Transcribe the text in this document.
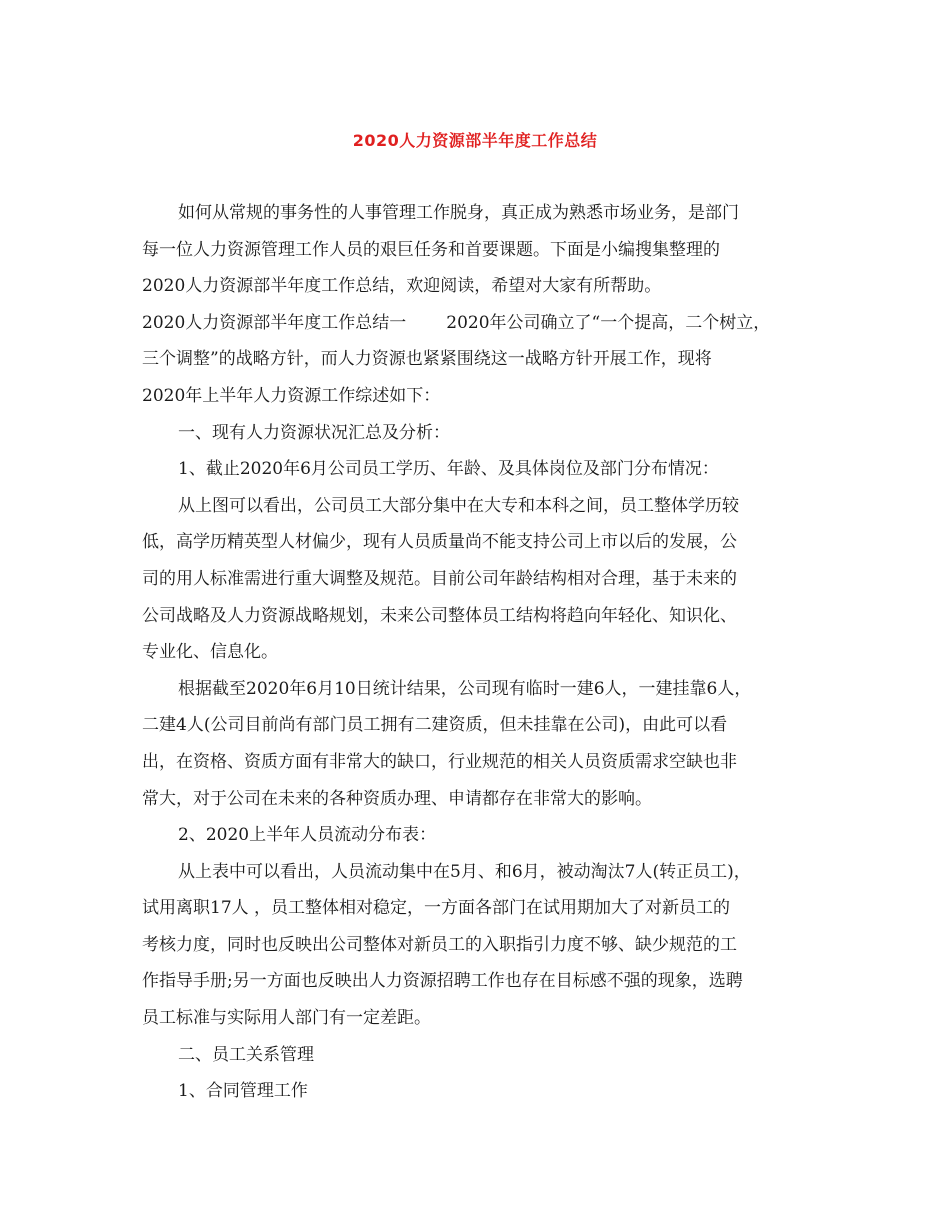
2020人力资源部半年度工作总结
如何从常规的事务性的人事管理工作脱身，真正成为熟悉市场业务，是部门
每一位人力资源管理工作人员的艰巨任务和首要课题。下面是小编搜集整理的
2020人力资源部半年度工作总结，欢迎阅读，希望对大家有所帮助。
2020人力资源部半年度工作总结一 2020年公司确立了“一个提高，二个树立，
三个调整”的战略方针，而人力资源也紧紧围绕这一战略方针开展工作，现将
2020年上半年人力资源工作综述如下：
一、现有人力资源状况汇总及分析：
1、截止2020年6月公司员工学历、年龄、及具体岗位及部门分布情况：
从上图可以看出，公司员工大部分集中在大专和本科之间，员工整体学历较
低，高学历精英型人材偏少，现有人员质量尚不能支持公司上市以后的发展，公
司的用人标准需进行重大调整及规范。目前公司年龄结构相对合理，基于未来的
公司战略及人力资源战略规划，未来公司整体员工结构将趋向年轻化、知识化、
专业化、信息化。
根据截至2020年6月10日统计结果，公司现有临时一建6人，一建挂靠6人，
二建4人(公司目前尚有部门员工拥有二建资质，但未挂靠在公司)，由此可以看
出，在资格、资质方面有非常大的缺口，行业规范的相关人员资质需求空缺也非
常大，对于公司在未来的各种资质办理、申请都存在非常大的影响。
2、2020上半年人员流动分布表：
从上表中可以看出，人员流动集中在5月、和6月，被动淘汰7人(转正员工)，
试用离职17人 ，员工整体相对稳定，一方面各部门在试用期加大了对新员工的
考核力度，同时也反映出公司整体对新员工的入职指引力度不够、缺少规范的工
作指导手册;另一方面也反映出人力资源招聘工作也存在目标感不强的现象，选聘
员工标准与实际用人部门有一定差距。
二、员工关系管理
1、合同管理工作
